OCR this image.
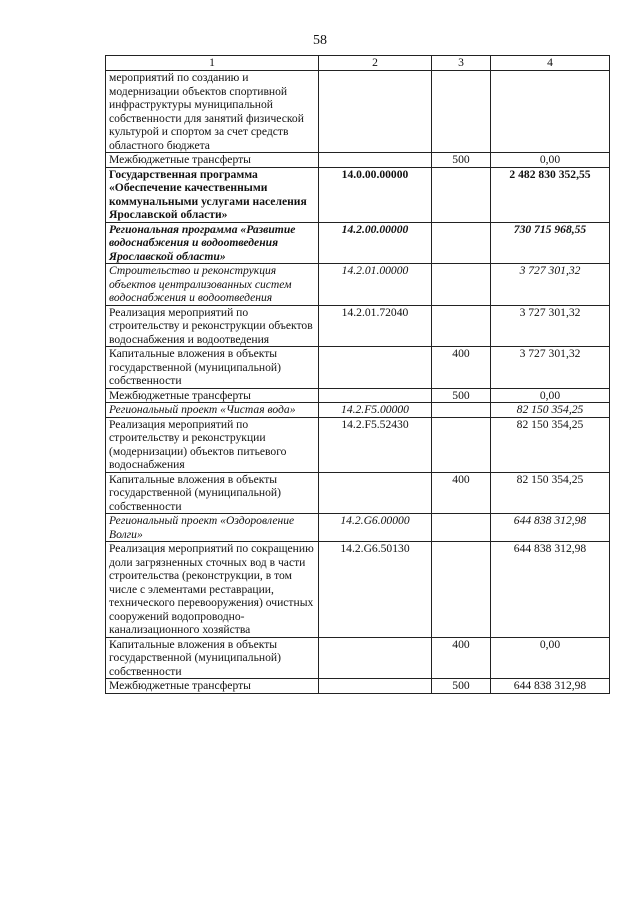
58
1	2	3	4
мероприятий по созданию и модернизации объектов спортивной инфраструктуры муниципальной собственности для занятий физической культурой и спортом за счет средств областного бюджета			
Межбюджетные трансферты		500	0,00
Государственная программа «Обеспечение качественными коммунальными услугами населения Ярославской области»	14.0.00.00000		2 482 830 352,55
Региональная программа «Развитие водоснабжения и водоотведения Ярославской области»	14.2.00.00000		730 715 968,55
Строительство и реконструкция объектов централизованных систем водоснабжения и водоотведения	14.2.01.00000		3 727 301,32
Реализация мероприятий по строительству и реконструкции объектов водоснабжения и водоотведения	14.2.01.72040		3 727 301,32
Капитальные вложения в объекты государственной (муниципальной) собственности		400	3 727 301,32
Межбюджетные трансферты		500	0,00
Региональный проект «Чистая вода»	14.2.F5.00000		82 150 354,25
Реализация мероприятий по строительству и реконструкции (модернизации) объектов питьевого водоснабжения	14.2.F5.52430		82 150 354,25
Капитальные вложения в объекты государственной (муниципальной) собственности		400	82 150 354,25
Региональный проект «Оздоровление Волги»	14.2.G6.00000		644 838 312,98
Реализация мероприятий по сокращению доли загрязненных сточных вод в части строительства (реконструкции, в том числе с элементами реставрации, технического перевооружения) очистных сооружений водопроводно-канализационного хозяйства	14.2.G6.50130		644 838 312,98
Капитальные вложения в объекты государственной (муниципальной) собственности		400	0,00
Межбюджетные трансферты		500	644 838 312,98
